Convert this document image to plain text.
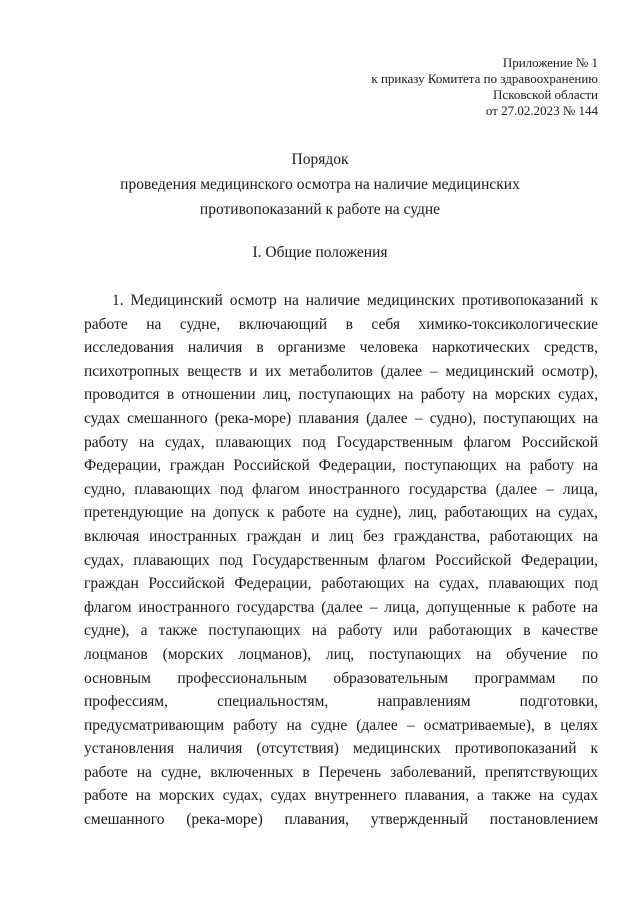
Приложение № 1
к приказу Комитета по здравоохранению
Псковской области
от 27.02.2023 № 144
Порядок
проведения медицинского осмотра на наличие медицинских
противопоказаний к работе на судне
I. Общие положения
1. Медицинский осмотр на наличие медицинских противопоказаний к
работе на судне, включающий в себя химико-токсикологические
исследования наличия в организме человека наркотических средств,
психотропных веществ и их метаболитов (далее – медицинский осмотр),
проводится в отношении лиц, поступающих на работу на морских судах,
судах смешанного (река-море) плавания (далее – судно), поступающих на
работу на судах, плавающих под Государственным флагом Российской
Федерации, граждан Российской Федерации, поступающих на работу на
судно, плавающих под флагом иностранного государства (далее – лица,
претендующие на допуск к работе на судне), лиц, работающих на судах,
включая иностранных граждан и лиц без гражданства, работающих на
судах, плавающих под Государственным флагом Российской Федерации,
граждан Российской Федерации, работающих на судах, плавающих под
флагом иностранного государства (далее – лица, допущенные к работе на
судне), а также поступающих на работу или работающих в качестве
лоцманов (морских лоцманов), лиц, поступающих на обучение по
основным профессиональным образовательным программам по
профессиям, специальностям, направлениям подготовки,
предусматривающим работу на судне (далее – осматриваемые), в целях
установления наличия (отсутствия) медицинских противопоказаний к
работе на судне, включенных в Перечень заболеваний, препятствующих
работе на морских судах, судах внутреннего плавания, а также на судах
смешанного (река-море) плавания, утвержденный постановлением
